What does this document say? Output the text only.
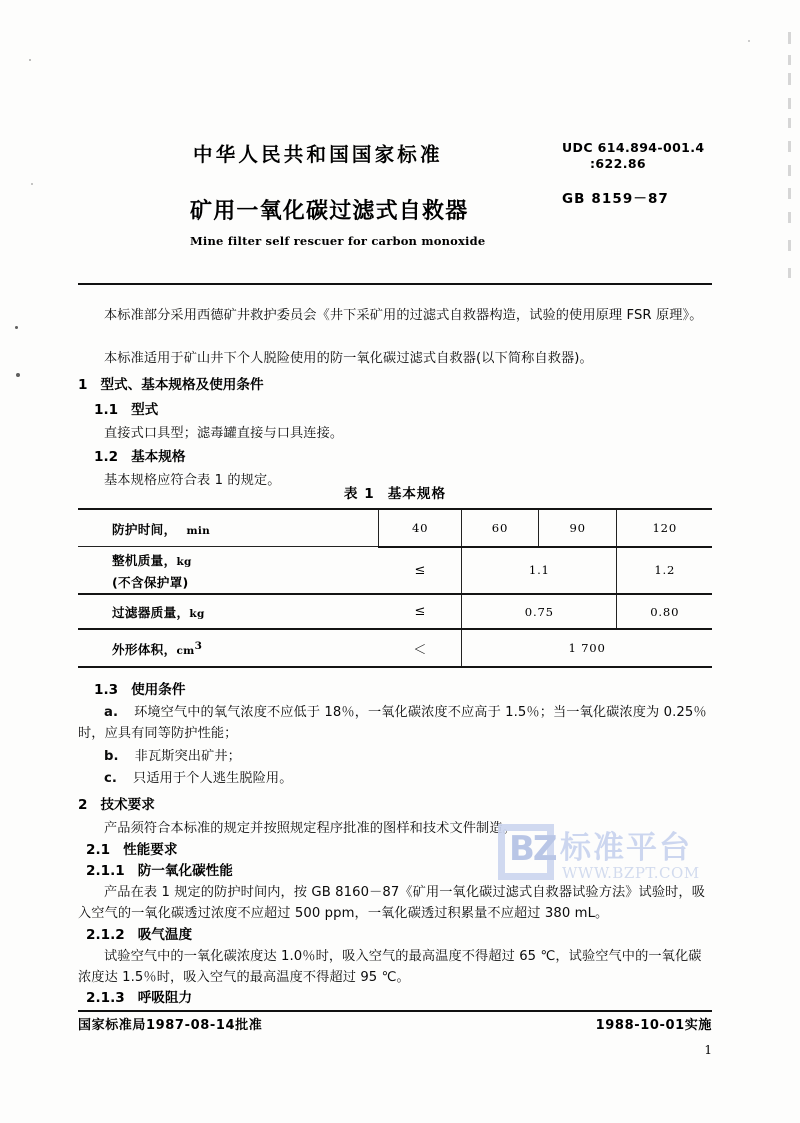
中华人民共和国国家标准
矿用一氧化碳过滤式自救器
Mine filter self rescuer for carbon monoxide
UDC 614.894-001.4
:622.86
GB 8159－87
本标准部分采用西德矿井救护委员会《井下采矿用的过滤式自救器构造，试验的使用原理 FSR 原理》。
本标准适用于矿山井下个人脱险使用的防一氧化碳过滤式自救器(以下简称自救器)。
1 型式、基本规格及使用条件
1.1 型式
直接式口具型；滤毒罐直接与口具连接。
1.2 基本规格
基本规格应符合表 1 的规定。
表 1 基本规格
防护时间， min	40	60	90	120

整机质量，kg
(不含保护罩)	≤	1.1		1.2
过滤器质量，kg	≤	0.75		0.80
外形体积，$cm^3$	＜	1 700		
1.3 使用条件
a. 环境空气中的氧气浓度不应低于 18％，一氧化碳浓度不应高于 1.5％；当一氧化碳浓度为 0.25％时，应具有同等防护性能；
b. 非瓦斯突出矿井；
c. 只适用于个人逃生脱险用。
2 技术要求
产品须符合本标准的规定并按照规定程序批准的图样和技术文件制造。
2.1 性能要求
2.1.1 防一氧化碳性能
产品在表 1 规定的防护时间内，按 GB 8160－87《矿用一氧化碳过滤式自救器试验方法》试验时，吸入空气的一氧化碳透过浓度不应超过 500 ppm，一氧化碳透过积累量不应超过 380 mL。
2.1.2 吸气温度
试验空气中的一氧化碳浓度达 1.0％时，吸入空气的最高温度不得超过 65 ℃，试验空气中的一氧化碳浓度达 1.5％时，吸入空气的最高温度不得超过 95 ℃。
2.1.3 呼吸阻力
BZ 标准平台
WWW.BZPT.COM
国家标准局1987-08-14批准	1988-10-01实施
1
